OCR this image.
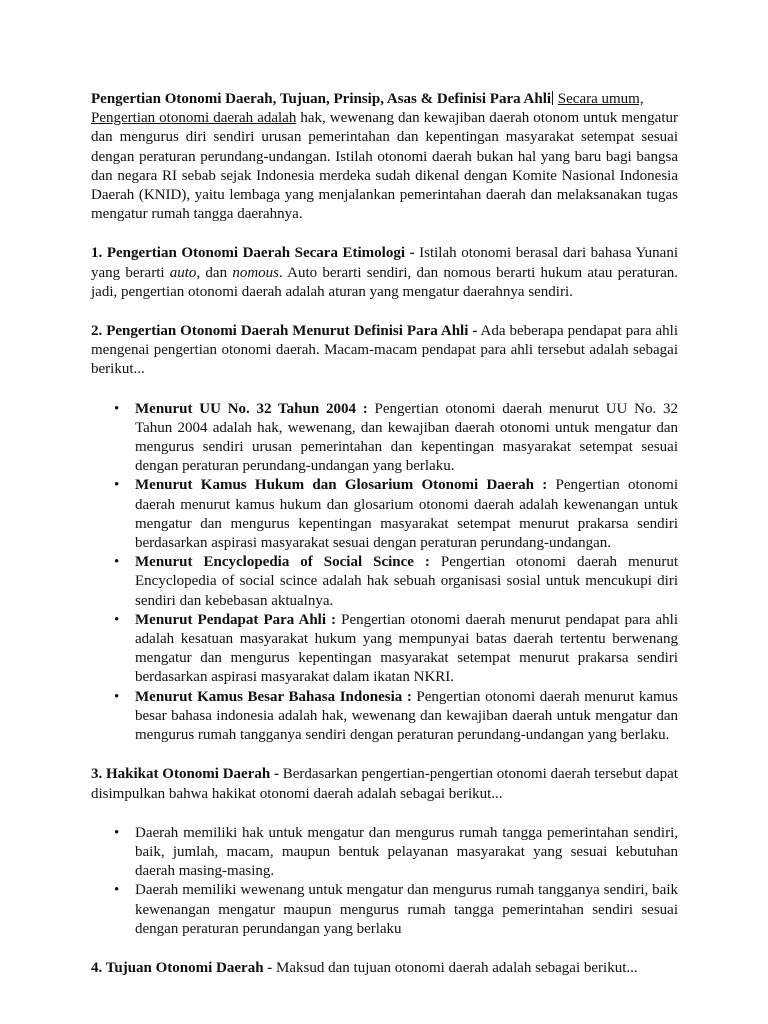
Pengertian Otonomi Daerah, Tujuan, Prinsip, Asas & Definisi Para Ahli Secara umum,
Pengertian otonomi daerah adalah hak, wewenang dan kewajiban daerah otonom untuk mengatur dan mengurus diri sendiri urusan pemerintahan dan kepentingan masyarakat setempat sesuai dengan peraturan perundang-undangan. Istilah otonomi daerah bukan hal yang baru bagi bangsa dan negara RI sebab sejak Indonesia merdeka sudah dikenal dengan Komite Nasional Indonesia Daerah (KNID), yaitu lembaga yang menjalankan pemerintahan daerah dan melaksanakan tugas mengatur rumah tangga daerahnya.

1. Pengertian Otonomi Daerah Secara Etimologi - Istilah otonomi berasal dari bahasa Yunani yang berarti auto, dan nomous. Auto berarti sendiri, dan nomous berarti hukum atau peraturan. jadi, pengertian otonomi daerah adalah aturan yang mengatur daerahnya sendiri.

2. Pengertian Otonomi Daerah Menurut Definisi Para Ahli - Ada beberapa pendapat para ahli mengenai pengertian otonomi daerah. Macam-macam pendapat para ahli tersebut adalah sebagai berikut...

•	Menurut UU No. 32 Tahun 2004 : Pengertian otonomi daerah menurut UU No. 32 Tahun 2004 adalah hak, wewenang, dan kewajiban daerah otonomi untuk mengatur dan mengurus sendiri urusan pemerintahan dan kepentingan masyarakat setempat sesuai dengan peraturan perundang-undangan yang berlaku.
•	Menurut Kamus Hukum dan Glosarium Otonomi Daerah : Pengertian otonomi daerah menurut kamus hukum dan glosarium otonomi daerah adalah kewenangan untuk mengatur dan mengurus kepentingan masyarakat setempat menurut prakarsa sendiri berdasarkan aspirasi masyarakat sesuai dengan peraturan perundang-undangan.
•	Menurut Encyclopedia of Social Scince : Pengertian otonomi daerah menurut Encyclopedia of social scince adalah hak sebuah organisasi sosial untuk mencukupi diri sendiri dan kebebasan aktualnya.
•	Menurut Pendapat Para Ahli : Pengertian otonomi daerah menurut pendapat para ahli adalah kesatuan masyarakat hukum yang mempunyai batas daerah tertentu berwenang mengatur dan mengurus kepentingan masyarakat setempat menurut prakarsa sendiri berdasarkan aspirasi masyarakat dalam ikatan NKRI.
•	Menurut Kamus Besar Bahasa Indonesia : Pengertian otonomi daerah menurut kamus besar bahasa indonesia adalah hak, wewenang dan kewajiban daerah untuk mengatur dan mengurus rumah tangganya sendiri dengan peraturan perundang-undangan yang berlaku.

3. Hakikat Otonomi Daerah - Berdasarkan pengertian-pengertian otonomi daerah tersebut dapat disimpulkan bahwa hakikat otonomi daerah adalah sebagai berikut...

•	Daerah memiliki hak untuk mengatur dan mengurus rumah tangga pemerintahan sendiri, baik, jumlah, macam, maupun bentuk pelayanan masyarakat yang sesuai kebutuhan daerah masing-masing.
•	Daerah memiliki wewenang untuk mengatur dan mengurus rumah tangganya sendiri, baik kewenangan mengatur maupun mengurus rumah tangga pemerintahan sendiri sesuai dengan peraturan perundangan yang berlaku

4. Tujuan Otonomi Daerah - Maksud dan tujuan otonomi daerah adalah sebagai berikut...
